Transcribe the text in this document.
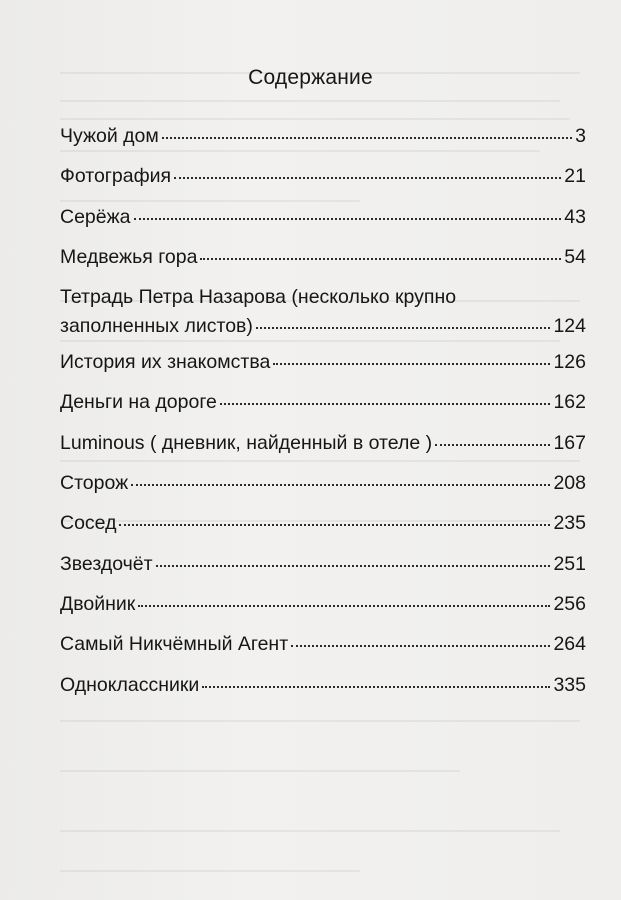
Содержание
Чужой дом	3
Фотография	21
Серёжа	43
Медвежья гора	54
Тетрадь Петра Назарова (несколько крупно
заполненных листов)	124
История их знакомства	126
Деньги на дороге	162
Luminous ( дневник, найденный в отеле )	167
Сторож	208
Сосед	235
Звездочёт	251
Двойник	256
Самый Никчёмный Агент	264
Одноклассники	335
